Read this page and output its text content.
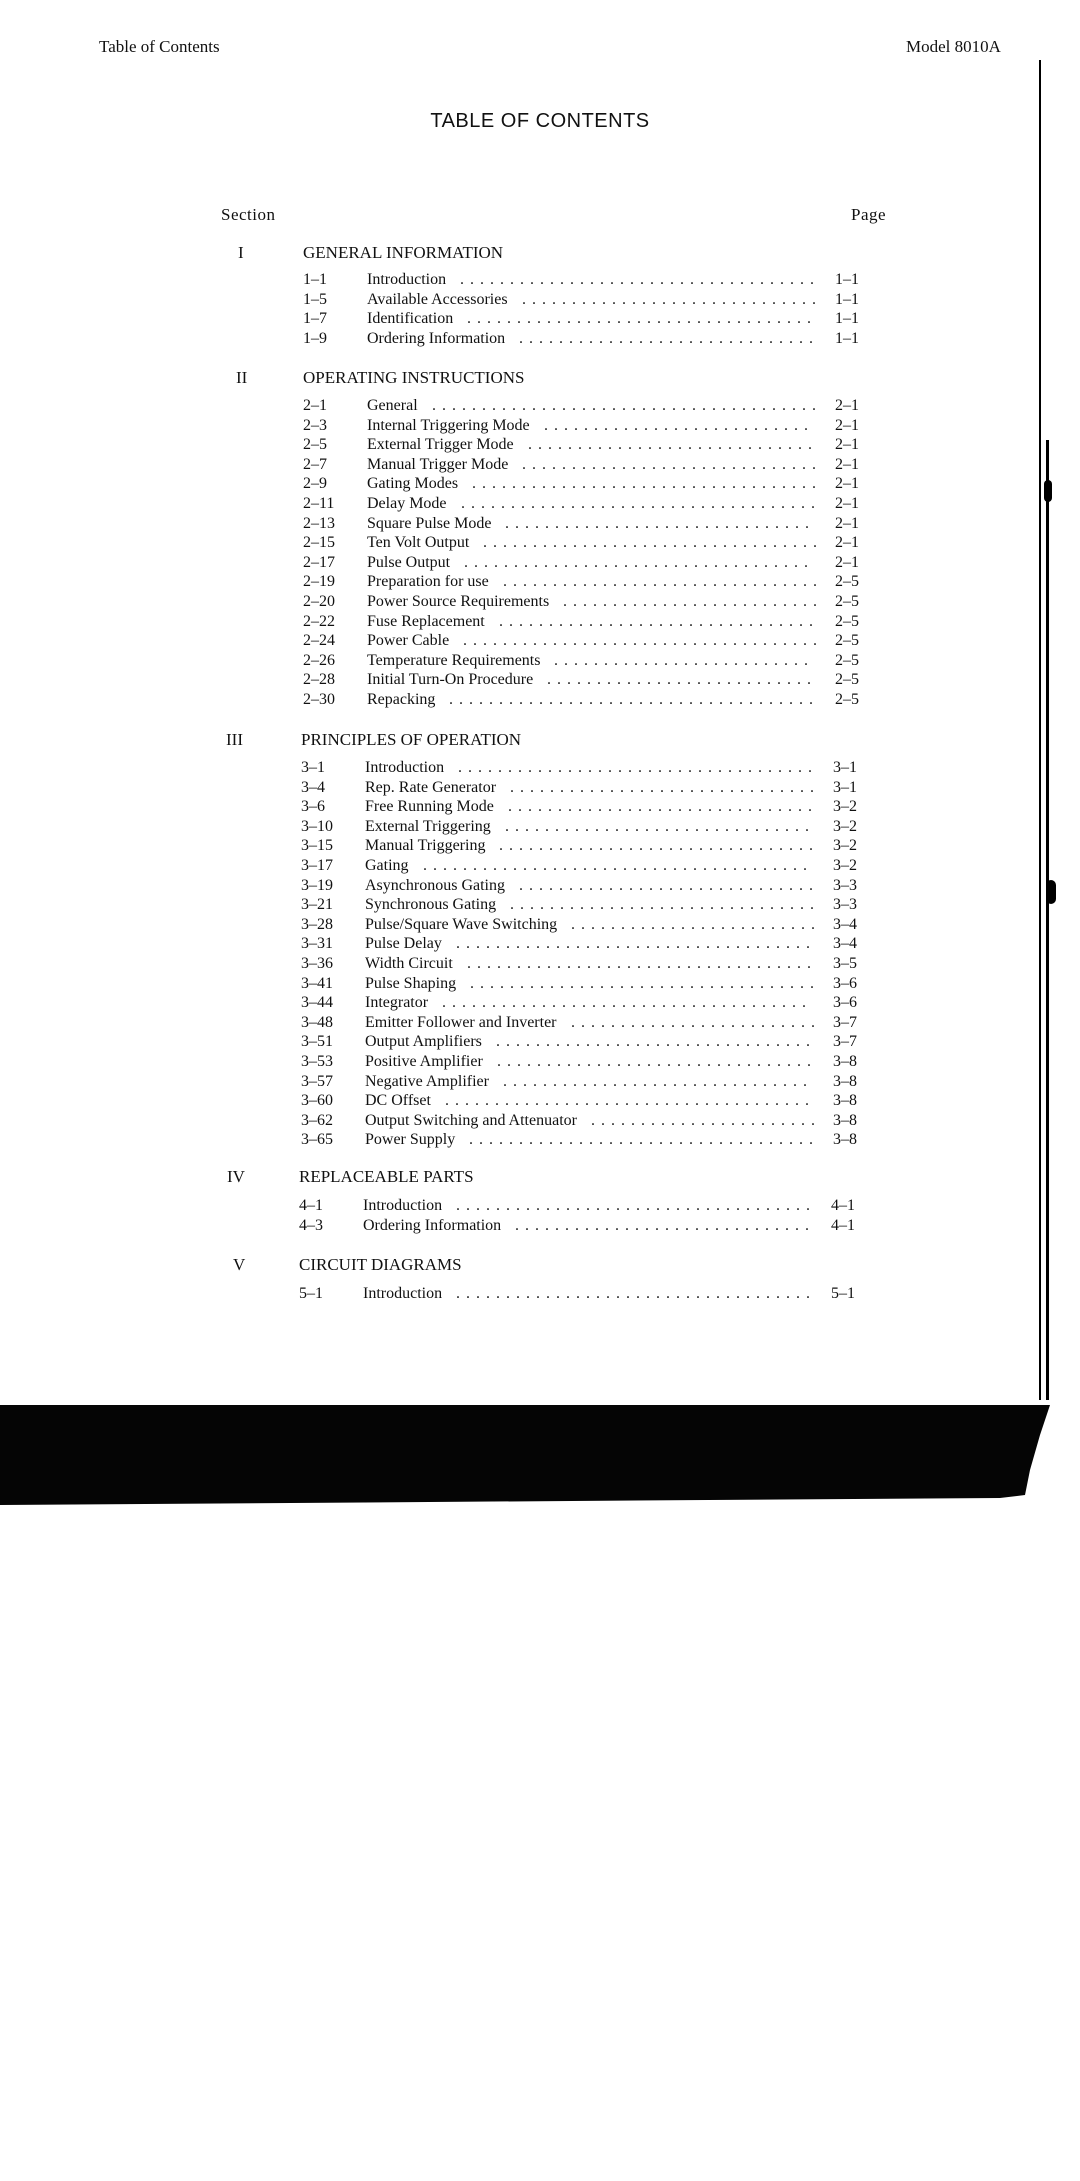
Table of Contents	Model 8010A
TABLE OF CONTENTS
Section	Page
I	GENERAL INFORMATION
1–1	Introduction .................................... 1–1
1–5	Available Accessories .............................. 1–1
1–7	Identification ...................................	1–1
1–9	Ordering Information .............................. 1–1
II	OPERATING INSTRUCTIONS
2–1	General ....................................... 2–1
2–3	Internal Triggering Mode ...........................	2–1
2–5	External Trigger Mode .............................	2–1
2–7	Manual Trigger Mode .............................. 2–1
2–9	Gating Modes ................................... 2–1
2–11 Delay Mode .................................... 2–1
2–13 Square Pulse Mode ...............................	2–1
2–15 Ten Volt Output .................................. 2–1
2–17 Pulse Output ...................................	2–1
2–19 Preparation for use ................................ 2–5
2–20 Power Source Requirements .......................... 2–5
2–22 Fuse Replacement ................................ 2–5
2–24 Power Cable .................................... 2–5
2–26 Temperature Requirements ..........................	2–5
2–28 Initial Turn-On Procedure ...........................	2–5
2–30 Repacking ..................................... 2–5
III	PRINCIPLES OF OPERATION
3–1	Introduction .................................... 3–1
3–4	Rep. Rate Generator ............................... 3–1
3–6	Free Running Mode ............................... 3–2
3–10 External Triggering ...............................	3–2
3–15 Manual Triggering ................................ 3–2
3–17 Gating .......................................	3–2
3–19 Asynchronous Gating .............................. 3–3
3–21 Synchronous Gating ............................... 3–3
3–28 Pulse/Square Wave Switching ......................... 3–4
3–31 Pulse Delay ....................................	3–4
3–36 Width Circuit ................................... 3–5
3–41 Pulse Shaping ................................... 3–6
3–44 Integrator .....................................	3–6
3–48 Emitter Follower and Inverter ......................... 3–7
3–51 Output Amplifiers ................................	3–7
3–53 Positive Amplifier ................................ 3–8
3–57 Negative Amplifier ...............................	3–8
3–60 DC Offset .....................................	3–8
3–62 Output Switching and Attenuator ....................... 3–8
3–65 Power Supply ................................... 3–8
IV	REPLACEABLE PARTS
4–1	Introduction .................................... 4–1
4–3	Ordering Information .............................. 4–1
V	CIRCUIT DIAGRAMS
5–1	Introduction .................................... 5–1
